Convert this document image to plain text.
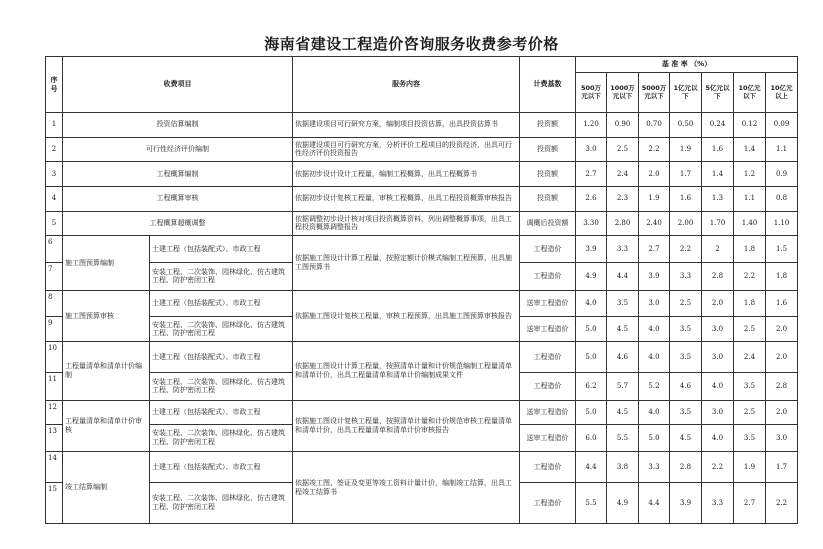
海南省建设工程造价咨询服务收费参考价格
序号	收费项目		服务内容	计费基数	基 准 率 （%）						
					500万元以下	1000万元以下	5000万元以下	1亿元以下	5亿元以下	10亿元以下	10亿元以上
1	投资估算编制		依据建设项目可行研究方案，编制项目投资估算，出具投资估算书	投资额	1.20	0.90	0.70	0.50	0.24	0.12	0.09
2	可行性经济评价编制		依据建设项目可行研究方案，分析评价工程项目的投资经济，出具可行性经济评价投资报告	投资额	3.0	2.5	2.2	1.9	1.6	1.4	1.1
3	工程概算编制		依据初步设计设计工程量，编制工程概算，出具工程概算书	投资额	2.7	2.4	2.0	1.7	1.4	1.2	0.9
4	工程概算审核		依据初步设计复核工程量，审核工程概算，出具工程投资概算审核报告	投资额	2.6	2.3	1.9	1.6	1.3	1.1	0.8
5	工程概算超概调整		依据调整初步设计核对项目投资概算资料，列出调整概算事项，出具工程投资概算调整报告	调概后投资额	3.30	2.80	2.40	2.00	1.70	1.40	1.10
6	施工图预算编制	土建工程（包括装配式）、市政工程	依据施工图设计计算工程量，按照定额计价模式编制工程预算，出具施工图预算书	工程造价	3.9	3.3	2.7	2.2	2	1.8	1.5
7		安装工程、二次装饰、园林绿化、仿古建筑工程、防护密闭工程		工程造价	4.9	4.4	3.9	3.3	2.8	2.2	1.8
8	施工图预算审核	土建工程（包括装配式）、市政工程	依据施工图设计复核工程量，审核工程预算，出具施工图预算审核报告	送审工程造价	4.0	3.5	3.0	2.5	2.0	1.8	1.6
9		安装工程、二次装饰、园林绿化、仿古建筑工程、防护密闭工程		送审工程造价	5.0	4.5	4.0	3.5	3.0	2.5	2.0
10	工程量清单和清单计价编制	土建工程（包括装配式）、市政工程	依据施工图设计计算工程量，按照清单计量和计价规范编制工程量清单和清单计价，出具工程量清单和清单计价编制成果文件	工程造价	5.0	4.6	4.0	3.5	3.0	2.4	2.0
11		安装工程、二次装饰、园林绿化、仿古建筑工程、防护密闭工程		工程造价	6.2	5.7	5.2	4.6	4.0	3.5	2.8
12	工程量清单和清单计价审核	土建工程（包括装配式）、市政工程	依据施工图设计复核工程量，按照清单计量和计价规范审核工程量清单和清单计价，出具工程量清单和清单计价审核报告	送审工程造价	5.0	4.5	4.0	3.5	3.0	2.5	2.0
13		安装工程、二次装饰、园林绿化、仿古建筑工程、防护密闭工程		送审工程造价	6.0	5.5	5.0	4.5	4.0	3.5	3.0
14	竣工结算编制	土建工程（包括装配式）、市政工程	依据竣工图、签证及变更等竣工资料计量计价，编制竣工结算，出具工程竣工结算书	工程造价	4.4	3.8	3.3	2.8	2.2	1.9	1.7
15		安装工程、二次装饰、园林绿化、仿古建筑工程、防护密闭工程		工程造价	5.5	4.9	4.4	3.9	3.3	2.7	2.2
